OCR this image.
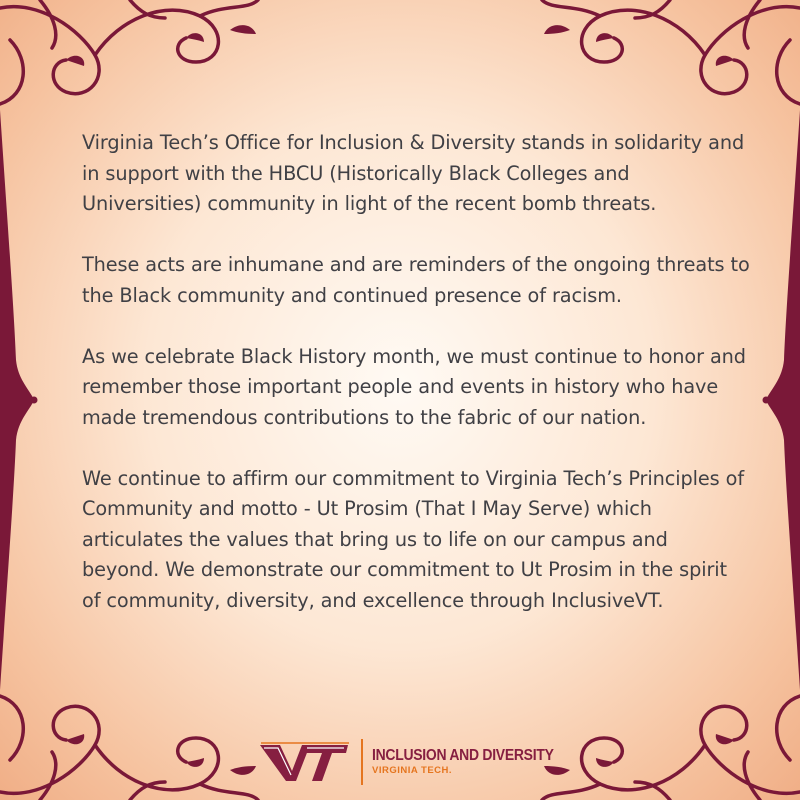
Virginia Tech’s Office for Inclusion & Diversity stands in solidarity and in support with the HBCU (Historically Black Colleges and Universities) community in light of the recent bomb threats.

These acts are inhumane and are reminders of the ongoing threats to the Black community and continued presence of racism.

As we celebrate Black History month, we must continue to honor and remember those important people and events in history who have made tremendous contributions to the fabric of our nation.

We continue to affirm our commitment to Virginia Tech’s Principles of Community and motto - Ut Prosim (That I May Serve) which articulates the values that bring us to life on our campus and beyond. We demonstrate our commitment to Ut Prosim in the spirit of community, diversity, and excellence through InclusiveVT.

INCLUSION AND DIVERSITY
VIRGINIA TECH.
